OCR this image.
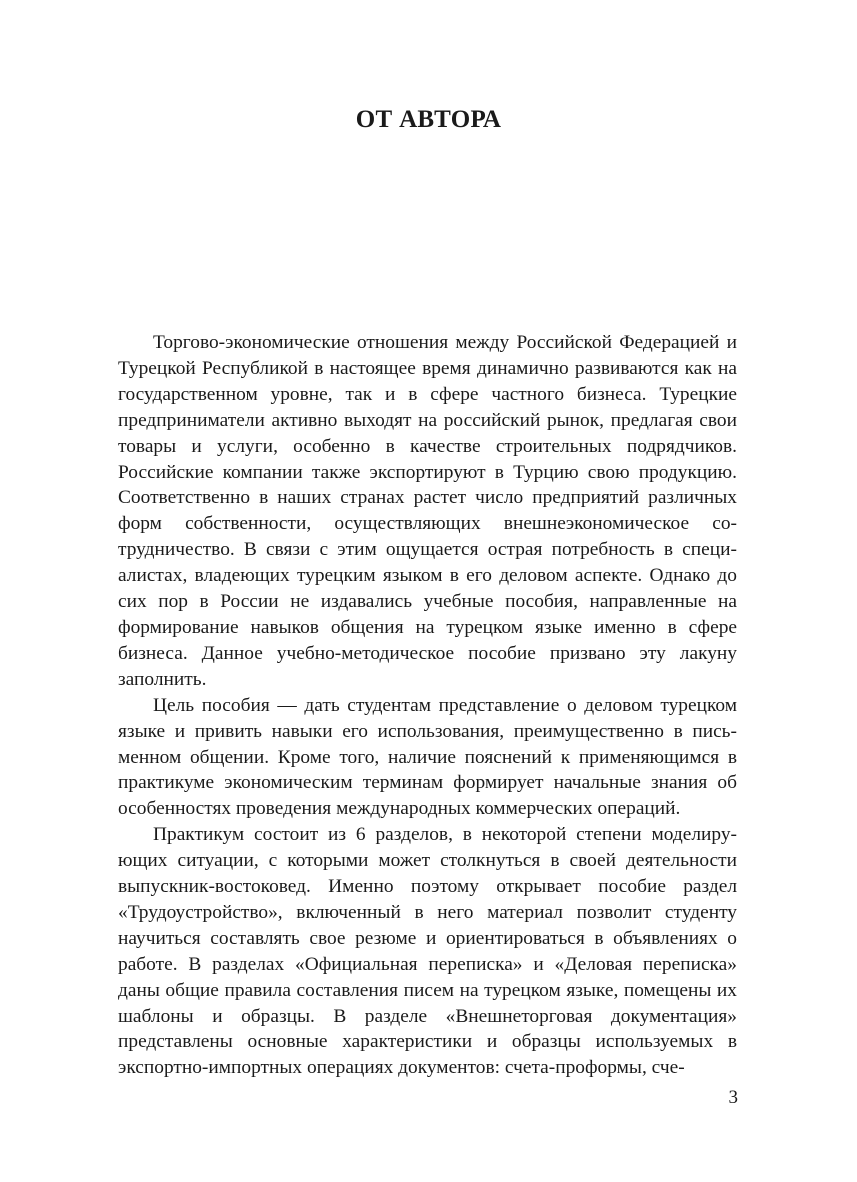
ОТ АВТОРА

Торгово-экономические отношения между Российской Федерацией и Турецкой Республикой в настоящее время динамично развиваются как на государственном уровне, так и в сфере частного бизнеса. Турецкие предприниматели активно выходят на российский рынок, предлагая свои товары и услуги, особенно в качестве строительных подрядчиков. Российские компании также экспортируют в Турцию свою продукцию. Соответственно в наших странах растет число предприятий различных форм собственности, осуществляющих внешнеэкономическое сотрудничество. В связи с этим ощущается острая потребность в специалистах, владеющих турецким языком в его деловом аспекте. Однако до сих пор в России не издавались учебные пособия, направленные на формирование навыков общения на турецком языке именно в сфере бизнеса. Данное учебно-методическое пособие призвано эту лакуну заполнить.

Цель пособия — дать студентам представление о деловом турецком языке и привить навыки его использования, преимущественно в письменном общении. Кроме того, наличие пояснений к применяющимся в практикуме экономическим терминам формирует начальные знания об особенностях проведения международных коммерческих операций.

Практикум состоит из 6 разделов, в некоторой степени моделирующих ситуации, с которыми может столкнуться в своей деятельности выпускник-востоковед. Именно поэтому открывает пособие раздел «Трудоустройство», включенный в него материал позволит студенту научиться составлять свое резюме и ориентироваться в объявлениях о работе. В разделах «Официальная переписка» и «Деловая переписка» даны общие правила составления писем на турецком языке, помещены их шаблоны и образцы. В разделе «Внешнеторговая документация» представлены основные характеристики и образцы используемых в экспортно-импортных операциях документов: счета-проформы, сче-

3
